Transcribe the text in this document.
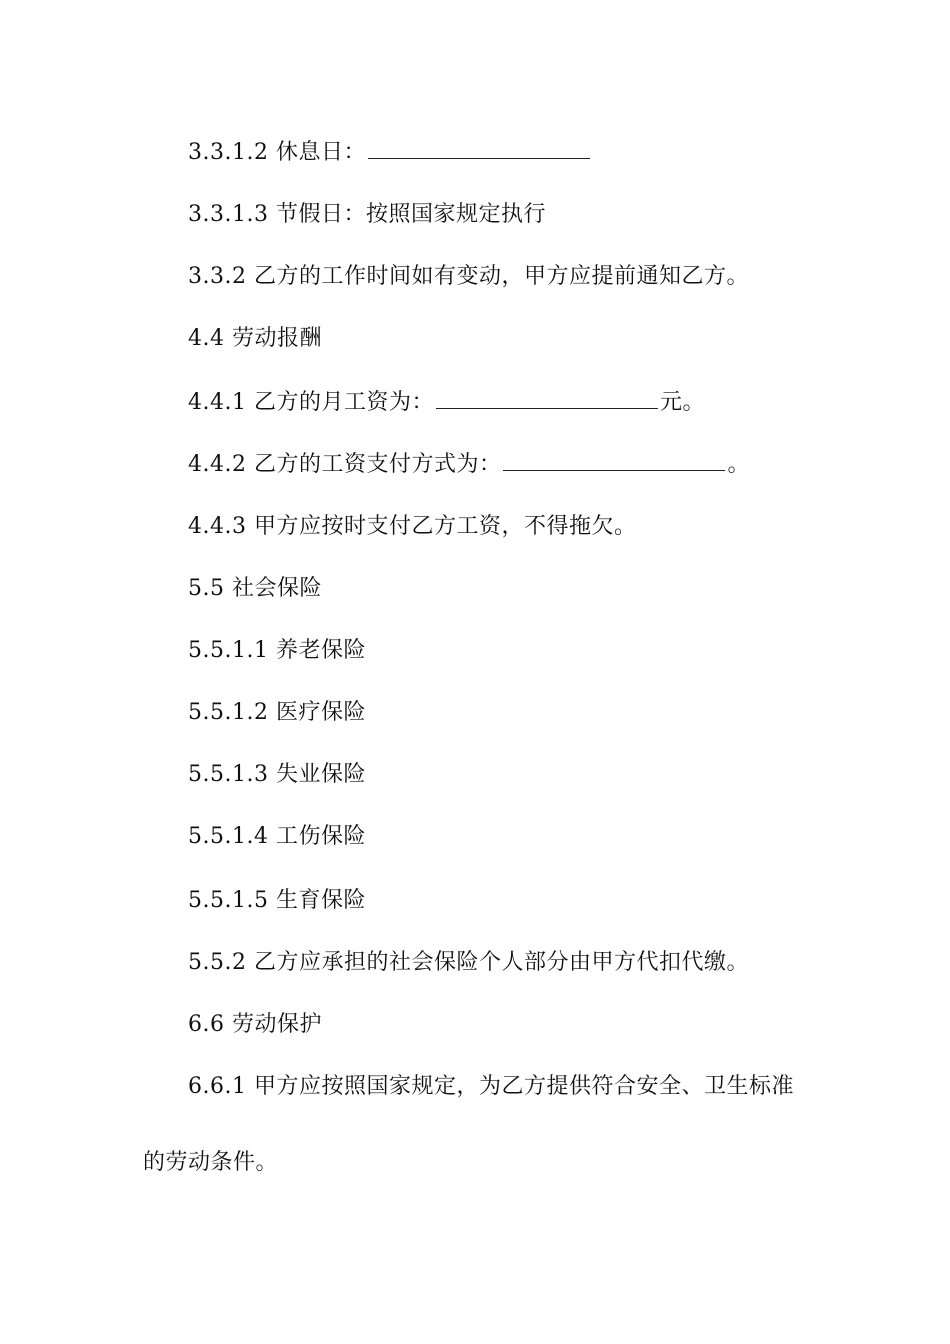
3.3.1.2 休息日：
3.3.1.3 节假日：按照国家规定执行
3.3.2 乙方的工作时间如有变动，甲方应提前通知乙方。
4.4 劳动报酬
4.4.1 乙方的月工资为：	元。
4.4.2 乙方的工资支付方式为：	。
4.4.3 甲方应按时支付乙方工资，不得拖欠。
5.5 社会保险
5.5.1.1 养老保险
5.5.1.2 医疗保险
5.5.1.3 失业保险
5.5.1.4 工伤保险
5.5.1.5 生育保险
5.5.2 乙方应承担的社会保险个人部分由甲方代扣代缴。
6.6 劳动保护
6.6.1 甲方应按照国家规定，为乙方提供符合安全、卫生标准
的劳动条件。
